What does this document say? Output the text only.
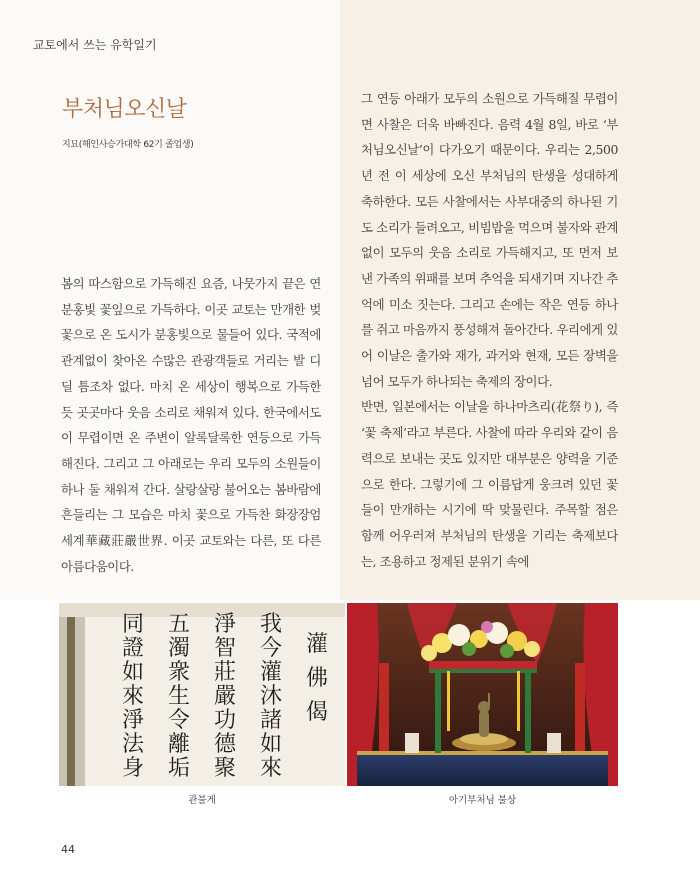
교토에서 쓰는 유학일기
부처님오신날
지묘(해인사승가대학 62기 졸업생)
봄의 따스함으로 가득해진 요즘, 나뭇가지 끝은 연분홍빛 꽃잎으로 가득하다. 이곳 교토는 만개한 벚꽃으로 온 도시가 분홍빛으로 물들어 있다. 국적에 관계없이 찾아온 수많은 관광객들로 거리는 발 디딜 틈조차 없다. 마치 온 세상이 행복으로 가득한 듯 곳곳마다 웃음 소리로 채워져 있다. 한국에서도 이 무렵이면 온 주변이 알록달록한 연등으로 가득해진다. 그리고 그 아래로는 우리 모두의 소원들이 하나 둘 채워져 간다. 살랑살랑 불어오는 봄바람에 흔들리는 그 모습은 마치 꽃으로 가득찬 화장장엄세계華藏莊嚴世界. 이곳 교토와는 다른, 또 다른 아름다움이다.

그 연등 아래가 모두의 소원으로 가득해질 무렵이면 사찰은 더욱 바빠진다. 음력 4월 8일, 바로 ‘부처님오신날’이 다가오기 때문이다. 우리는 2,500년 전 이 세상에 오신 부처님의 탄생을 성대하게 축하한다. 모든 사찰에서는 사부대중의 하나된 기도 소리가 들려오고, 비빔밥을 먹으며 불자와 관계없이 모두의 웃음 소리로 가득해지고, 또 먼저 보낸 가족의 위패를 보며 추억을 되새기며 지나간 추억에 미소 짓는다. 그리고 손에는 작은 연등 하나를 쥐고 마음까지 풍성해져 돌아간다. 우리에게 있어 이날은 출가와 재가, 과거와 현재, 모든 장벽을 넘어 모두가 하나되는 축제의 장이다.

반면, 일본에서는 이날을 하나마츠리(花祭り), 즉 ‘꽃 축제’라고 부른다. 사찰에 따라 우리와 같이 음력으로 보내는 곳도 있지만 대부분은 양력을 기준으로 한다. 그렇기에 그 이름답게 웅크려 있던 꽃들이 만개하는 시기에 딱 맞물린다. 주목할 점은 함께 어우러져 부처님의 탄생을 기리는 축제보다는, 조용하고 정제된 분위기 속에

灌
佛
偈
我
今
灌
沐
諸
如
來
淨
智
莊
嚴
功
德
聚
五
濁
衆
生
令
離
垢
同
證
如
來
淨
法
身
관불게	아기부처님 불상
44
